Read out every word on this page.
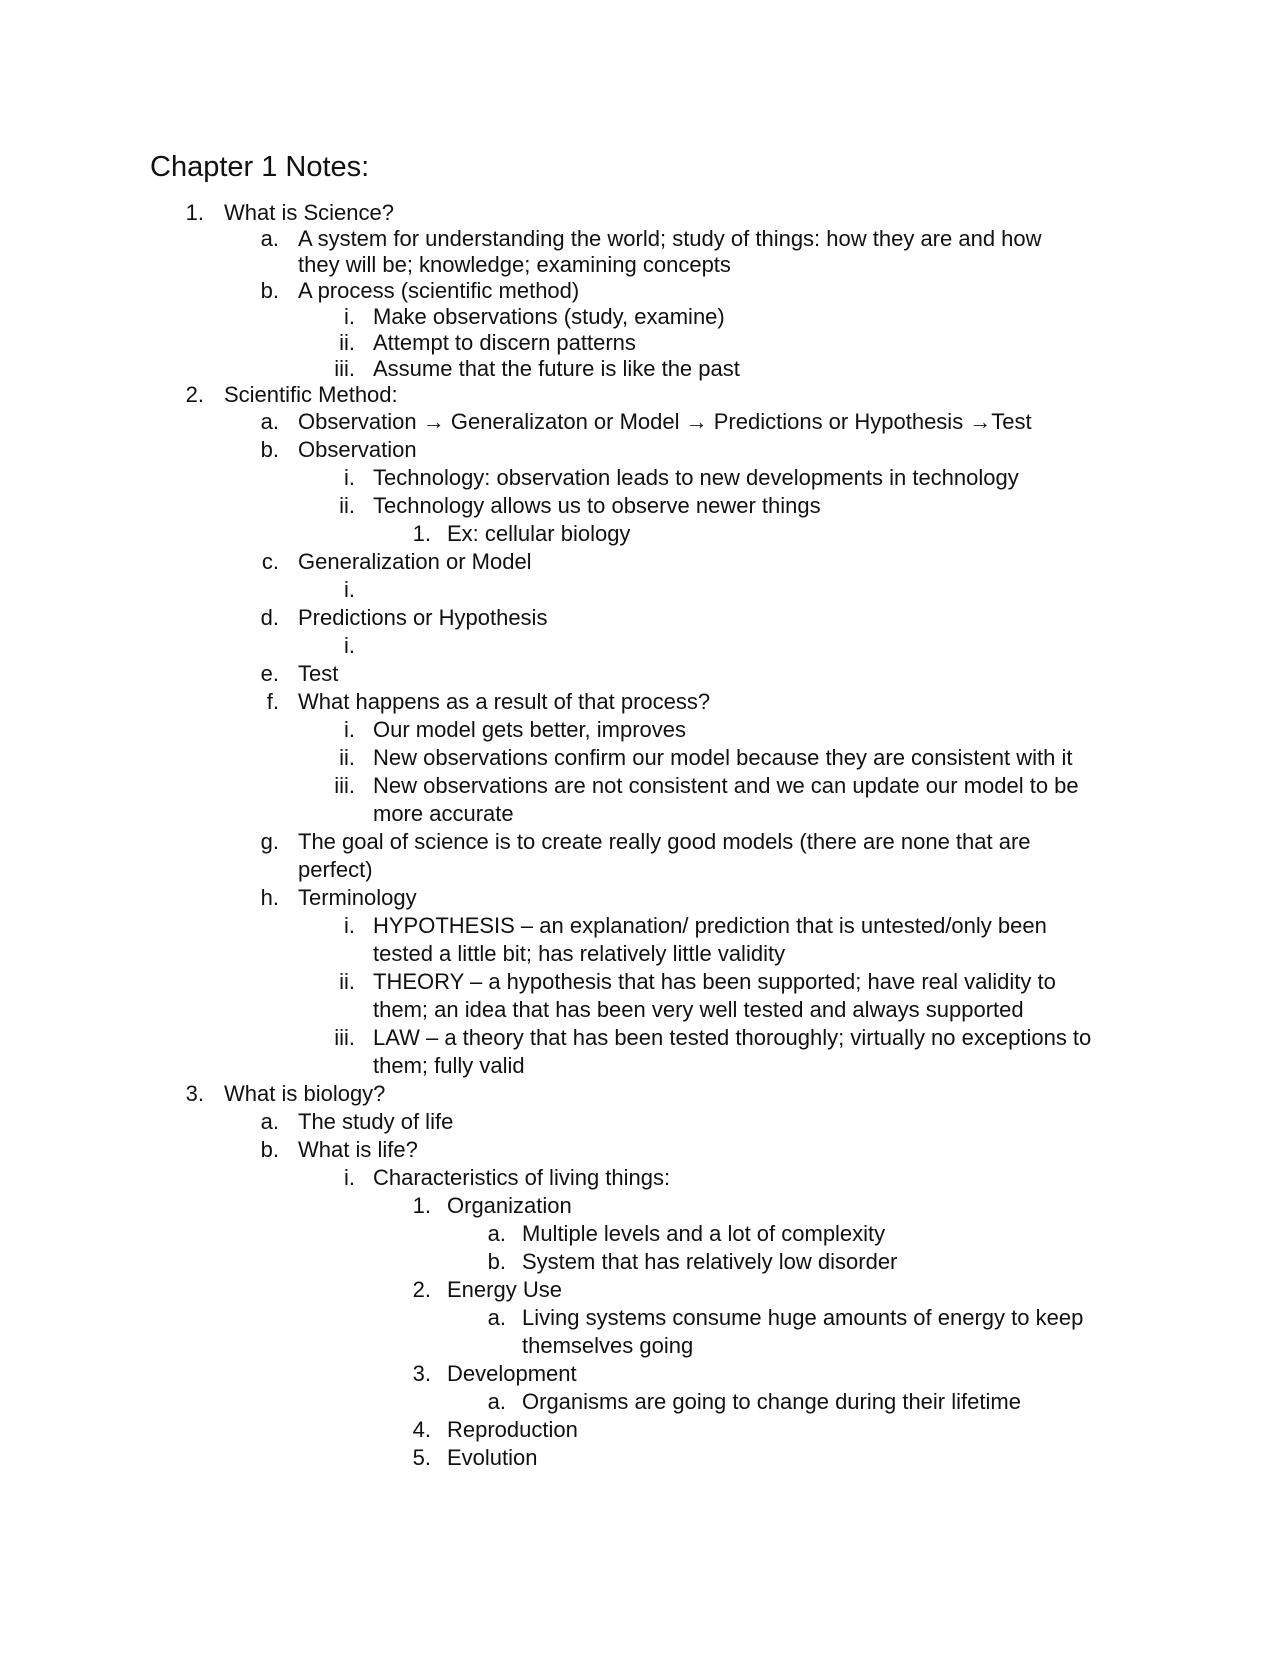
Chapter 1 Notes:
1. What is Science?
a. A system for understanding the world; study of things: how they are and how
they will be; knowledge; examining concepts
b. A process (scientific method)
i. Make observations (study, examine)
ii. Attempt to discern patterns
iii. Assume that the future is like the past
2. Scientific Method:
a. Observation → Generalizaton or Model → Predictions or Hypothesis →Test
b. Observation
i. Technology: observation leads to new developments in technology
ii. Technology allows us to observe newer things
1. Ex: cellular biology
c. Generalization or Model
i.
d. Predictions or Hypothesis
i.
e. Test
f. What happens as a result of that process?
i. Our model gets better, improves
ii. New observations confirm our model because they are consistent with it
iii. New observations are not consistent and we can update our model to be
more accurate
g. The goal of science is to create really good models (there are none that are
perfect)
h. Terminology
i. HYPOTHESIS – an explanation/ prediction that is untested/only been
tested a little bit; has relatively little validity
ii. THEORY – a hypothesis that has been supported; have real validity to
them; an idea that has been very well tested and always supported
iii. LAW – a theory that has been tested thoroughly; virtually no exceptions to
them; fully valid
3. What is biology?
a. The study of life
b. What is life?
i. Characteristics of living things:
1. Organization
a. Multiple levels and a lot of complexity
b. System that has relatively low disorder
2. Energy Use
a. Living systems consume huge amounts of energy to keep
themselves going
3. Development
a. Organisms are going to change during their lifetime
4. Reproduction
5. Evolution
